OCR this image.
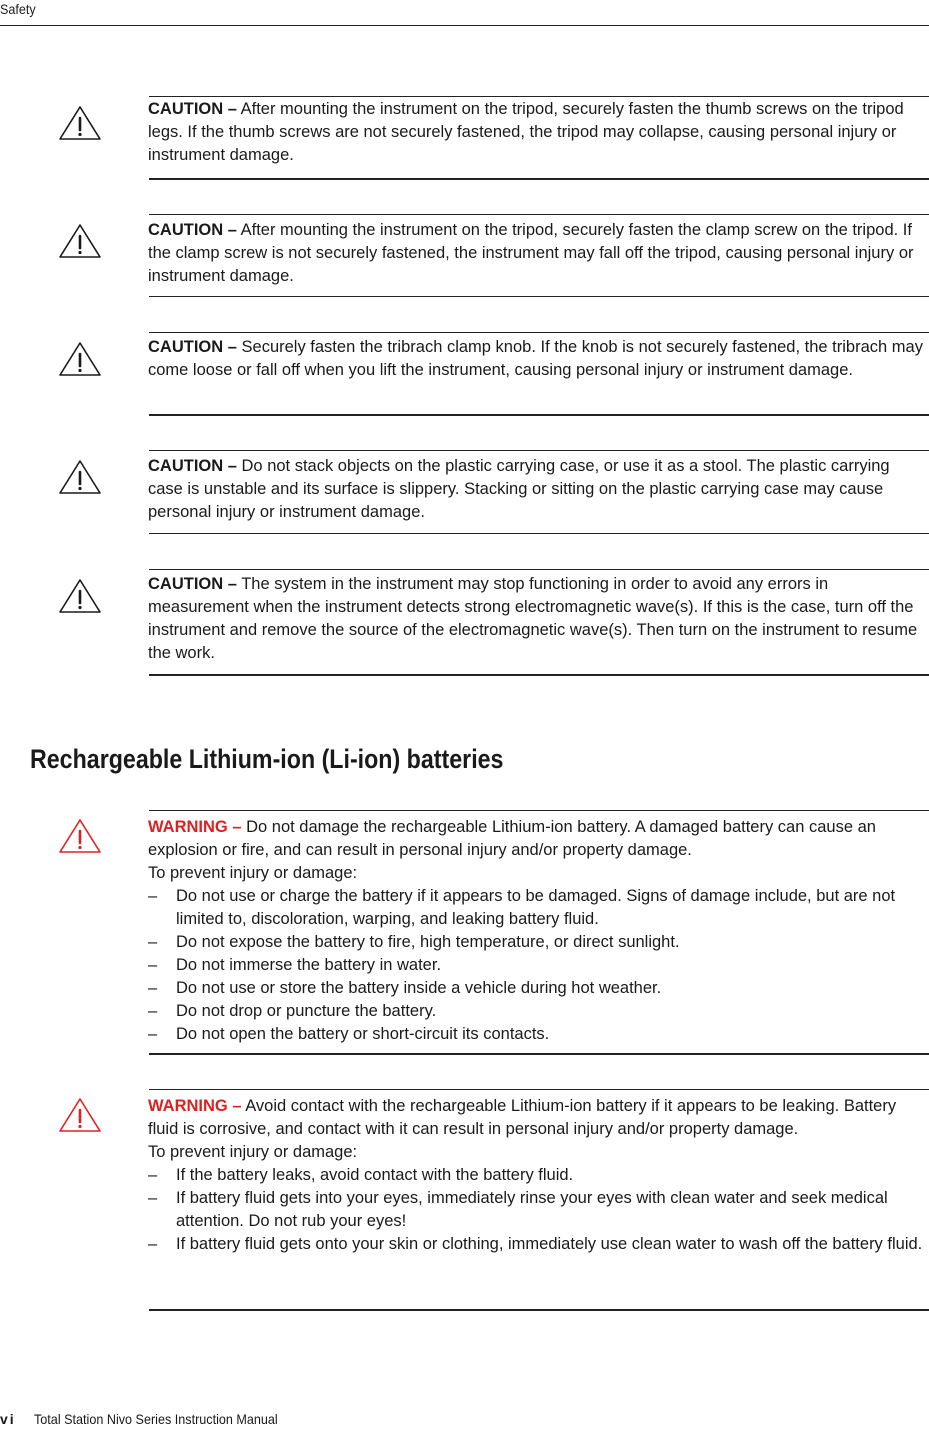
Safety
CAUTION – After mounting the instrument on the tripod, securely fasten the thumb screws on the tripod legs. If the thumb screws are not securely fastened, the tripod may collapse, causing personal injury or instrument damage.
CAUTION – After mounting the instrument on the tripod, securely fasten the clamp screw on the tripod. If the clamp screw is not securely fastened, the instrument may fall off the tripod, causing personal injury or instrument damage.
CAUTION – Securely fasten the tribrach clamp knob. If the knob is not securely fastened, the tribrach may come loose or fall off when you lift the instrument, causing personal injury or instrument damage.
CAUTION – Do not stack objects on the plastic carrying case, or use it as a stool. The plastic carrying case is unstable and its surface is slippery. Stacking or sitting on the plastic carrying case may cause personal injury or instrument damage.
CAUTION – The system in the instrument may stop functioning in order to avoid any errors in measurement when the instrument detects strong electromagnetic wave(s). If this is the case, turn off the instrument and remove the source of the electromagnetic wave(s). Then turn on the instrument to resume the work.
Rechargeable Lithium-ion (Li-ion) batteries
WARNING – Do not damage the rechargeable Lithium-ion battery. A damaged battery can cause an explosion or fire, and can result in personal injury and/or property damage.
To prevent injury or damage:
– Do not use or charge the battery if it appears to be damaged. Signs of damage include, but are not limited to, discoloration, warping, and leaking battery fluid.
– Do not expose the battery to fire, high temperature, or direct sunlight.
– Do not immerse the battery in water.
– Do not use or store the battery inside a vehicle during hot weather.
– Do not drop or puncture the battery.
– Do not open the battery or short-circuit its contacts.
WARNING – Avoid contact with the rechargeable Lithium-ion battery if it appears to be leaking. Battery fluid is corrosive, and contact with it can result in personal injury and/or property damage.
To prevent injury or damage:
– If the battery leaks, avoid contact with the battery fluid.
– If battery fluid gets into your eyes, immediately rinse your eyes with clean water and seek medical attention. Do not rub your eyes!
– If battery fluid gets onto your skin or clothing, immediately use clean water to wash off the battery fluid.
vi Total Station Nivo Series Instruction Manual
